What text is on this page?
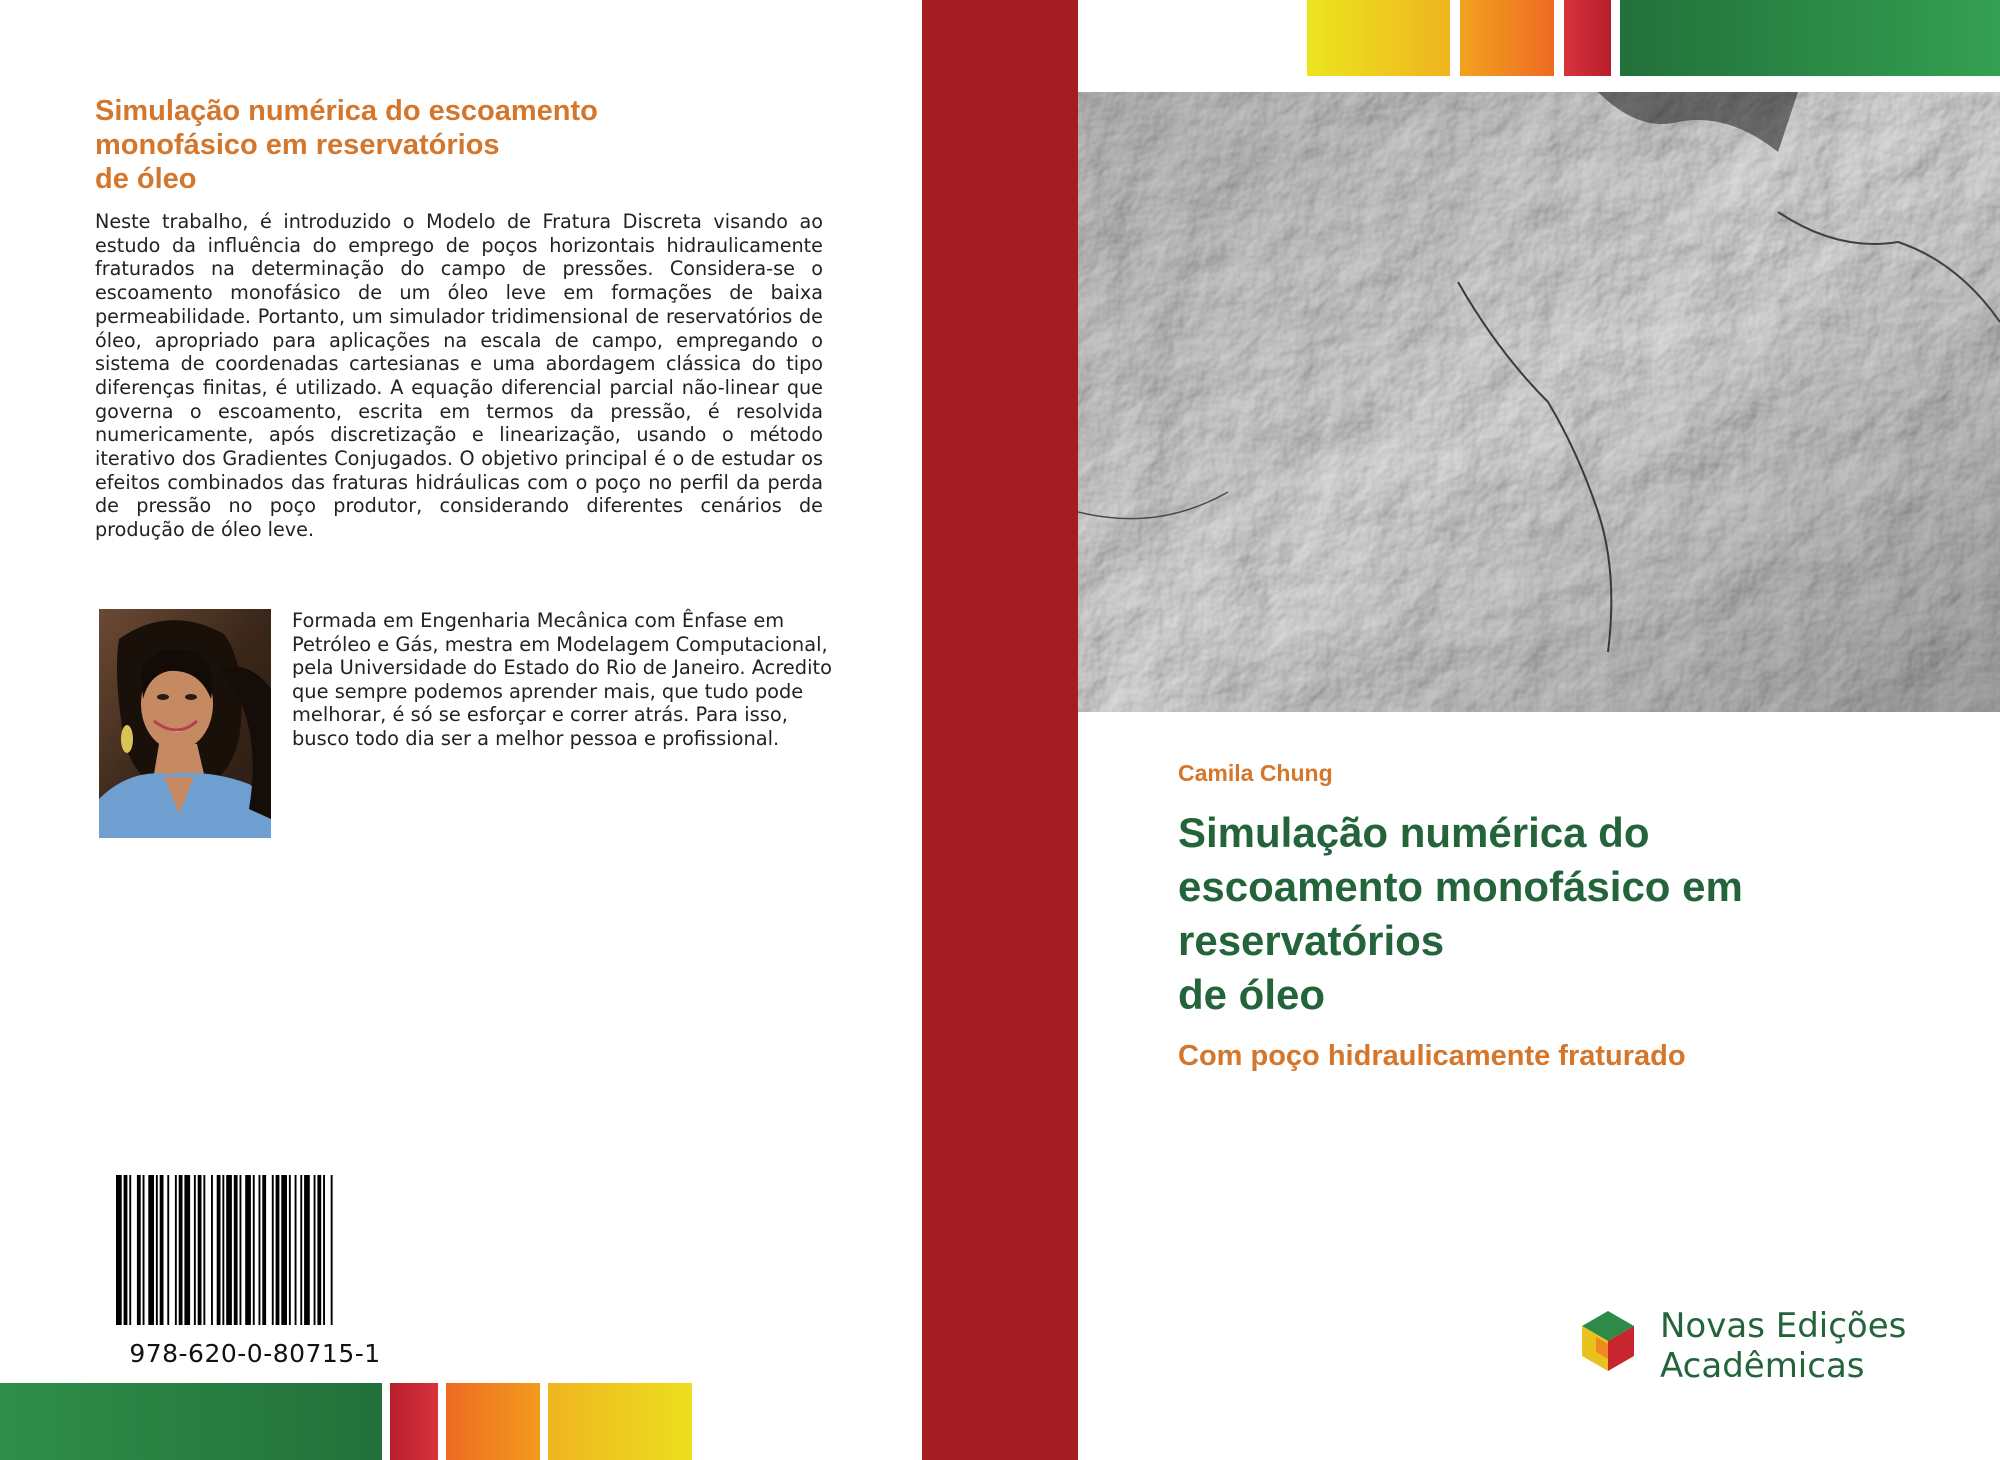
Simulação numérica do escoamento
monofásico em reservatórios
de óleo
Neste trabalho, é introduzido o Modelo de Fratura Discreta visando ao estudo da influência do emprego de poços horizontais hidraulicamente fraturados na determinação do campo de pressões. Considera-se o escoamento monofásico de um óleo leve em formações de baixa permeabilidade. Portanto, um simulador tridimensional de reservatórios de óleo, apropriado para aplicações na escala de campo, empregando o sistema de coordenadas cartesianas e uma abordagem clássica do tipo diferenças finitas, é utilizado. A equação diferencial parcial não-linear que governa o escoamento, escrita em termos da pressão, é resolvida numericamente, após discretização e linearização, usando o método iterativo dos Gradientes Conjugados. O objetivo principal é o de estudar os efeitos combinados das fraturas hidráulicas com o poço no perfil da perda de pressão no poço produtor, considerando diferentes cenários de produção de óleo leve.
Formada em Engenharia Mecânica com Ênfase em Petróleo e Gás, mestra em Modelagem Computacional, pela Universidade do Estado do Rio de Janeiro. Acredito que sempre podemos aprender mais, que tudo pode melhorar, é só se esforçar e correr atrás. Para isso, busco todo dia ser a melhor pessoa e profissional.
978-620-0-80715-1
Camila Chung
Simulação numérica do
escoamento monofásico em
reservatórios
de óleo
Com poço hidraulicamente fraturado
Novas Edições
Acadêmicas
